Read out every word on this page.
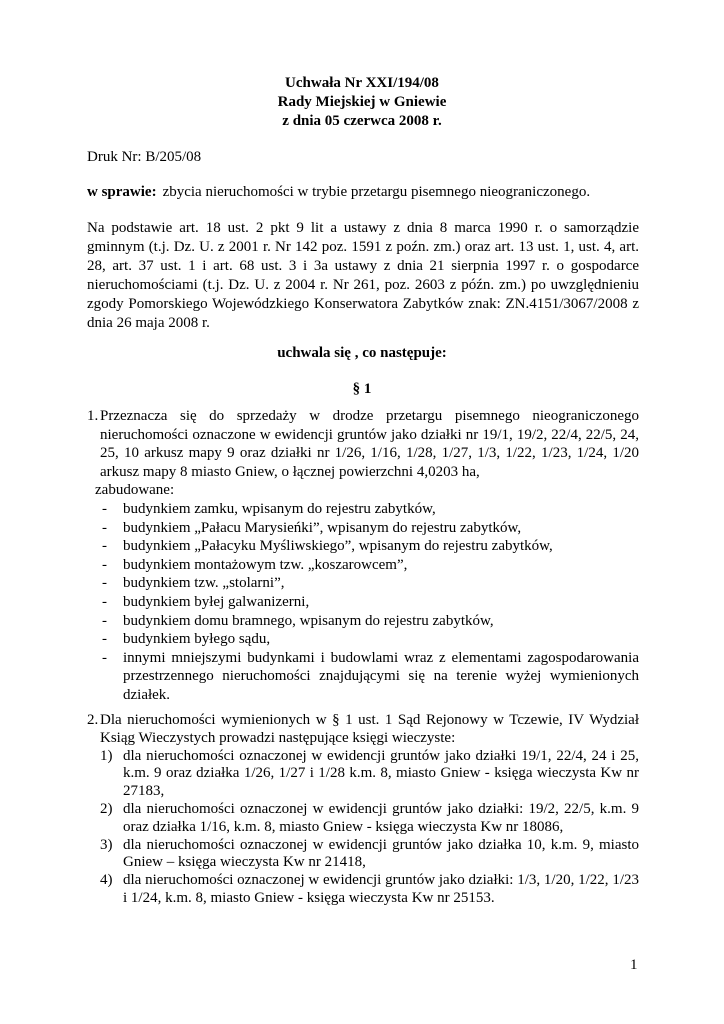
Uchwała Nr XXI/194/08
Rady Miejskiej w Gniewie
z dnia 05 czerwca 2008 r.
Druk Nr: B/205/08
w sprawie: zbycia nieruchomości w trybie przetargu pisemnego nieograniczonego.
Na podstawie art. 18 ust. 2 pkt 9 lit a ustawy z dnia 8 marca 1990 r. o samorządzie gminnym (t.j. Dz. U. z 2001 r. Nr 142 poz. 1591 z poźn. zm.) oraz art. 13 ust. 1, ust. 4, art. 28, art. 37 ust. 1 i art. 68 ust. 3 i 3a ustawy z dnia 21 sierpnia 1997 r. o gospodarce nieruchomościami (t.j. Dz. U. z 2004 r. Nr 261, poz. 2603 z późn. zm.) po uwzględnieniu zgody Pomorskiego Wojewódzkiego Konserwatora Zabytków znak: ZN.4151/3067/2008 z dnia 26 maja 2008 r.
uchwala się , co następuje:
§ 1
1. Przeznacza się do sprzedaży w drodze przetargu pisemnego nieograniczonego nieruchomości oznaczone w ewidencji gruntów jako działki nr 19/1, 19/2, 22/4, 22/5, 24, 25, 10 arkusz mapy 9 oraz działki nr 1/26, 1/16, 1/28, 1/27, 1/3, 1/22, 1/23, 1/24, 1/20 arkusz mapy 8 miasto Gniew, o łącznej powierzchni 4,0203 ha,
zabudowane:
- budynkiem zamku, wpisanym do rejestru zabytków,
- budynkiem „Pałacu Marysieńki”, wpisanym do rejestru zabytków,
- budynkiem „Pałacyku Myśliwskiego”, wpisanym do rejestru zabytków,
- budynkiem montażowym tzw. „koszarowcem”,
- budynkiem tzw. „stolarni”,
- budynkiem byłej galwanizerni,
- budynkiem domu bramnego, wpisanym do rejestru zabytków,
- budynkiem byłego sądu,
- innymi mniejszymi budynkami i budowlami wraz z elementami zagospodarowania przestrzennego nieruchomości znajdującymi się na terenie wyżej wymienionych działek.
2. Dla nieruchomości wymienionych w § 1 ust. 1 Sąd Rejonowy w Tczewie, IV Wydział Ksiąg Wieczystych prowadzi następujące księgi wieczyste:
1) dla nieruchomości oznaczonej w ewidencji gruntów jako działki 19/1, 22/4, 24 i 25, k.m. 9 oraz działka 1/26, 1/27 i 1/28 k.m. 8, miasto Gniew - księga wieczysta Kw nr 27183,
2) dla nieruchomości oznaczonej w ewidencji gruntów jako działki: 19/2, 22/5, k.m. 9 oraz działka 1/16, k.m. 8, miasto Gniew - księga wieczysta Kw nr 18086,
3) dla nieruchomości oznaczonej w ewidencji gruntów jako działka 10, k.m. 9, miasto Gniew – księga wieczysta Kw nr 21418,
4) dla nieruchomości oznaczonej w ewidencji gruntów jako działki: 1/3, 1/20, 1/22, 1/23 i 1/24, k.m. 8, miasto Gniew - księga wieczysta Kw nr 25153.
1
